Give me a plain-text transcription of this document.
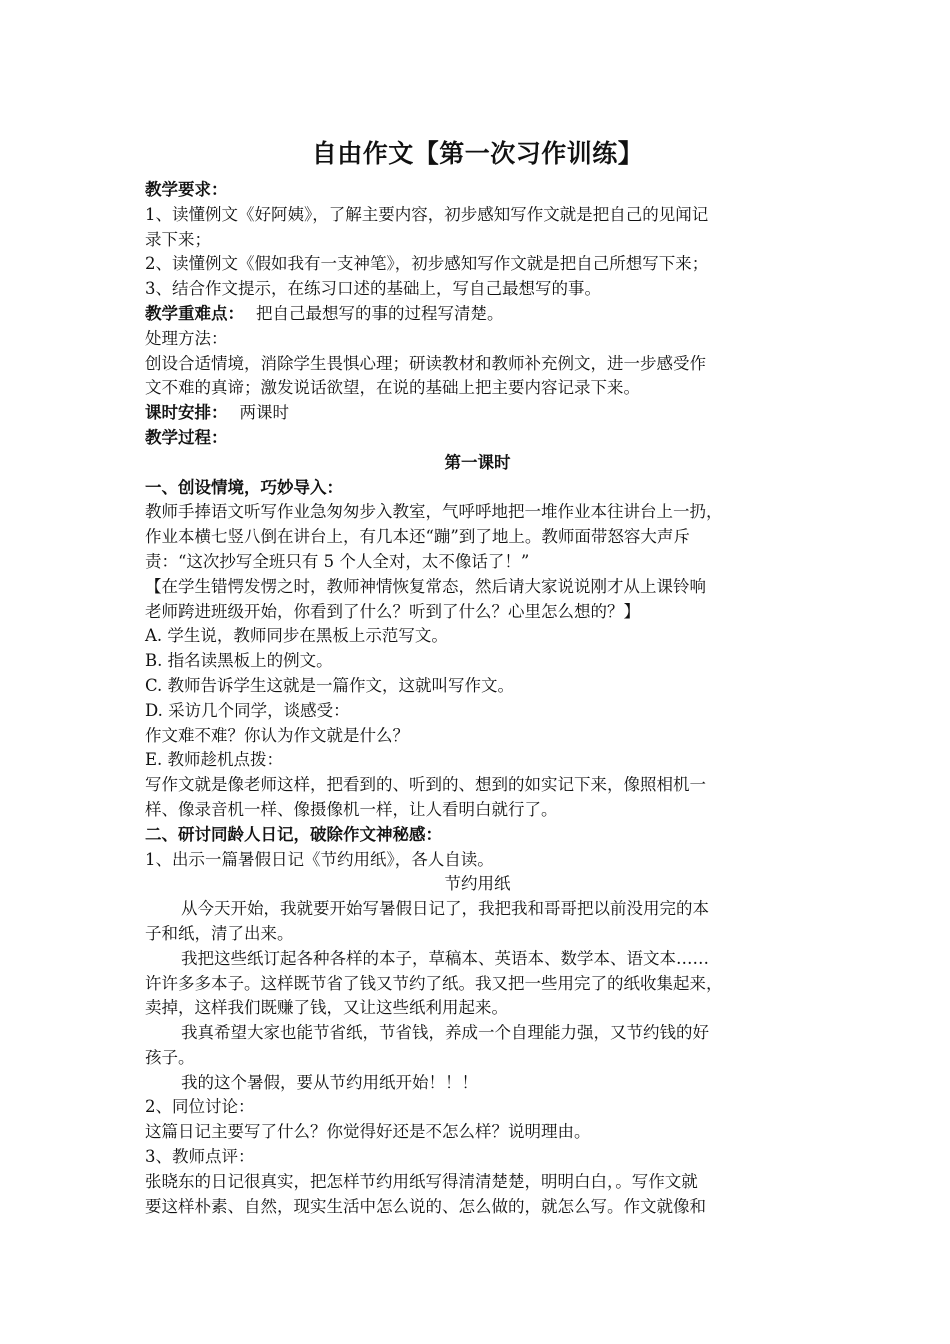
自由作文【第一次习作训练】
教学要求：
1、读懂例文《好阿姨》，了解主要内容，初步感知写作文就是把自己的见闻记
录下来；
2、读懂例文《假如我有一支神笔》，初步感知写作文就是把自己所想写下来；
3、结合作文提示，在练习口述的基础上，写自己最想写的事。
教学重难点： 把自己最想写的事的过程写清楚。
处理方法：
创设合适情境，消除学生畏惧心理；研读教材和教师补充例文，进一步感受作
文不难的真谛；激发说话欲望，在说的基础上把主要内容记录下来。
课时安排： 两课时
教学过程：
第一课时
一、创设情境，巧妙导入：
教师手捧语文听写作业急匆匆步入教室，气呼呼地把一堆作业本往讲台上一扔，
作业本横七竖八倒在讲台上，有几本还“蹦”到了地上。教师面带怒容大声斥
责：“这次抄写全班只有 5 个人全对，太不像话了！”
【在学生错愕发愣之时，教师神情恢复常态，然后请大家说说刚才从上课铃响
老师跨进班级开始，你看到了什么？听到了什么？心里怎么想的？】
A. 学生说，教师同步在黑板上示范写文。
B. 指名读黑板上的例文。
C. 教师告诉学生这就是一篇作文，这就叫写作文。
D. 采访几个同学，谈感受：
作文难不难？你认为作文就是什么？
E. 教师趁机点拨：
写作文就是像老师这样，把看到的、听到的、想到的如实记下来，像照相机一
样、像录音机一样、像摄像机一样，让人看明白就行了。
二、研讨同龄人日记，破除作文神秘感：
1、出示一篇暑假日记《节约用纸》，各人自读。
节约用纸
从今天开始，我就要开始写暑假日记了，我把我和哥哥把以前没用完的本
子和纸，清了出来。
我把这些纸订起各种各样的本子，草稿本、英语本、数学本、语文本……
许许多多本子。这样既节省了钱又节约了纸。我又把一些用完了的纸收集起来，
卖掉，这样我们既赚了钱，又让这些纸利用起来。
我真希望大家也能节省纸，节省钱，养成一个自理能力强，又节约钱的好
孩子。
我的这个暑假，要从节约用纸开始！！！
2、同位讨论：
这篇日记主要写了什么？你觉得好还是不怎么样？说明理由。
3、教师点评：
张晓东的日记很真实，把怎样节约用纸写得清清楚楚，明明白白，。写作文就
要这样朴素、自然，现实生活中怎么说的、怎么做的，就怎么写。作文就像和
